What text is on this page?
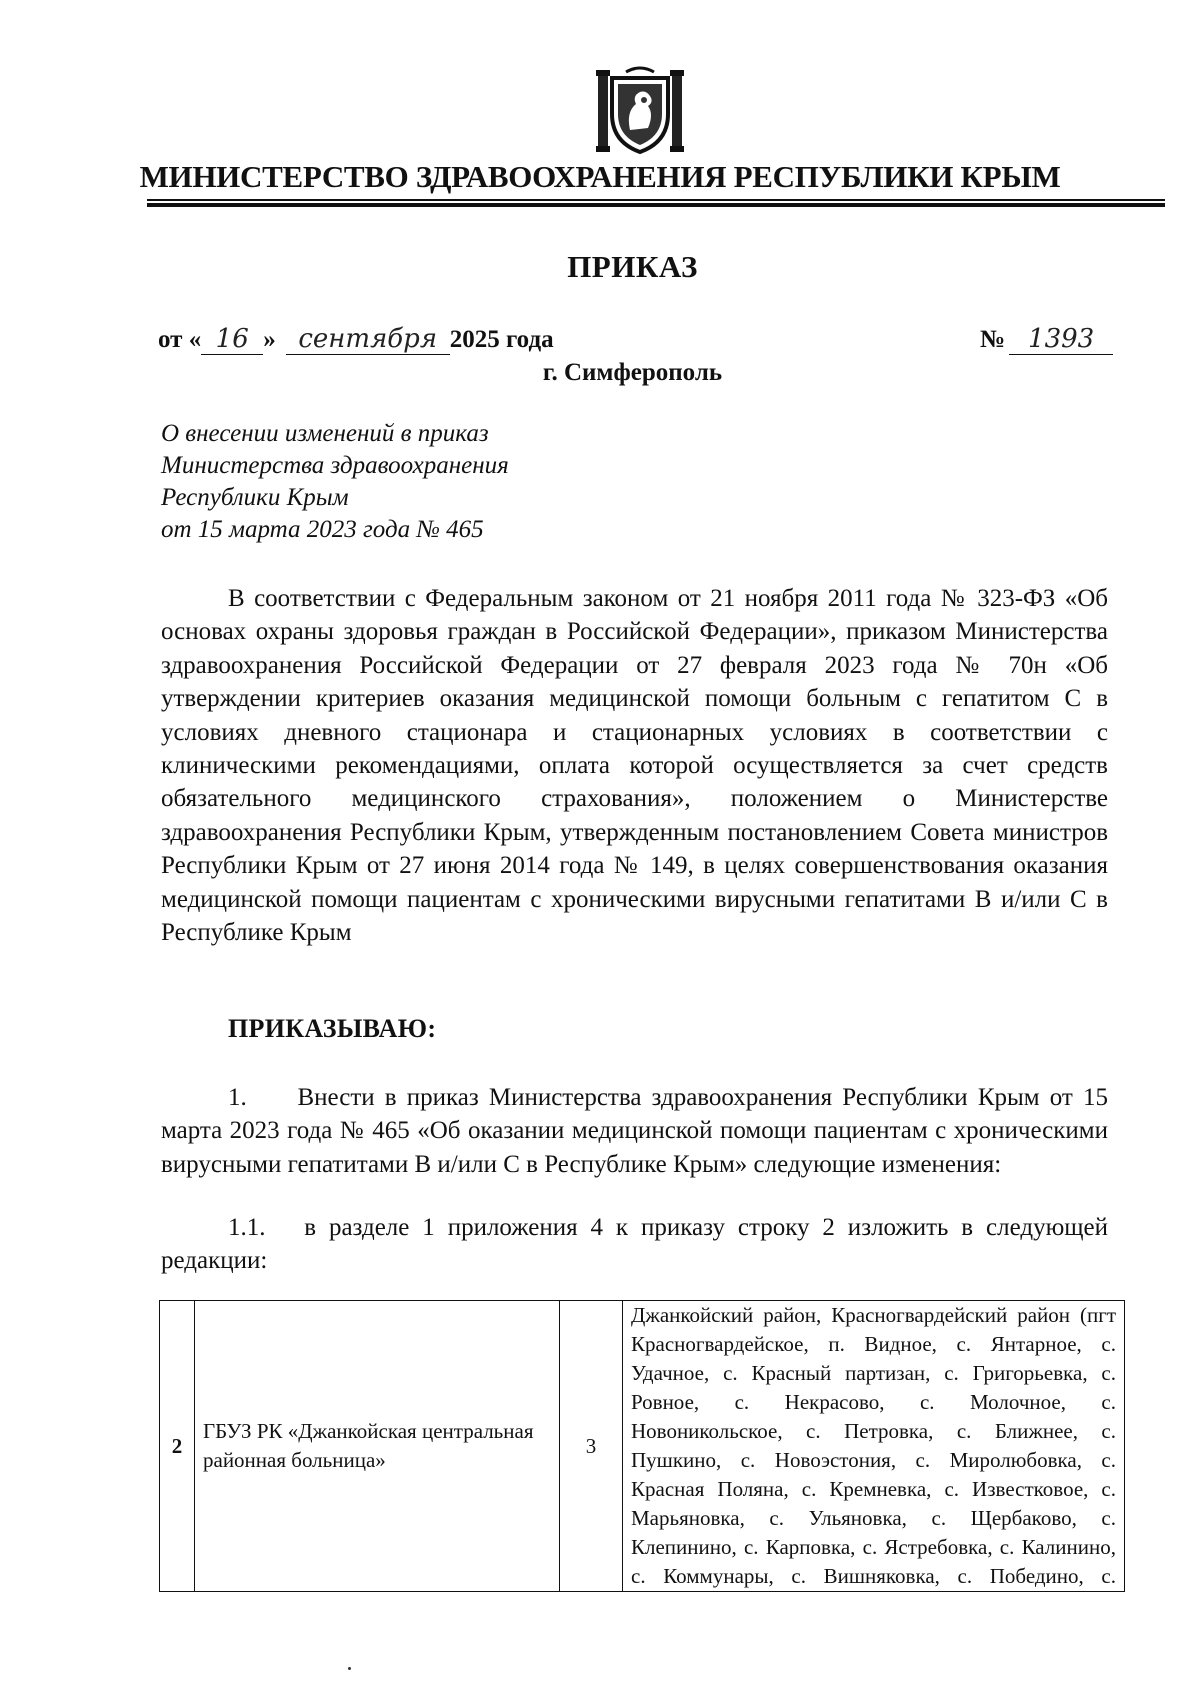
МИНИСТЕРСТВО ЗДРАВООХРАНЕНИЯ РЕСПУБЛИКИ КРЫМ
ПРИКАЗ
от « 16 » сентября 2025 года	№ 1393
г. Симферополь
О внесении изменений в приказ
Министерства здравоохранения
Республики Крым
от 15 марта 2023 года № 465
В соответствии с Федеральным законом от 21 ноября 2011 года № 323-ФЗ «Об основах охраны здоровья граждан в Российской Федерации», приказом Министерства здравоохранения Российской Федерации от 27 февраля 2023 года № 70н «Об утверждении критериев оказания медицинской помощи больным с гепатитом С в условиях дневного стационара и стационарных условиях в соответствии с клиническими рекомендациями, оплата которой осуществляется за счет средств обязательного медицинского страхования», положением о Министерстве здравоохранения Республики Крым, утвержденным постановлением Совета министров Республики Крым от 27 июня 2014 года № 149, в целях совершенствования оказания медицинской помощи пациентам с хроническими вирусными гепатитами В и/или С в Республике Крым
ПРИКАЗЫВАЮ:
1.     Внести в приказ Министерства здравоохранения Республики Крым от 15 марта 2023 года № 465 «Об оказании медицинской помощи пациентам с хроническими вирусными гепатитами В и/или С в Республике Крым» следующие изменения:
1.1.   в разделе 1 приложения 4 к приказу строку 2 изложить в следующей редакции:
2	ГБУЗ РК «Джанкойская центральная районная больница»	3	Джанкойский район, Красногвардейский район (пгт Красногвардейское, п. Видное, с. Янтарное, с. Удачное, с. Красный партизан, с. Григорьевка, с. Ровное, с. Некрасово, с. Молочное, с. Новоникольское, с. Петровка, с. Ближнее, с. Пушкино, с. Новоэстония, с. Миролюбовка, с. Красная Поляна, с. Кремневка, с. Известковое, с. Марьяновка, с. Ульяновка, с. Щербаково, с. Клепинино, с. Карповка, с. Ястребовка, с. Калинино, с. Коммунары, с. Вишняковка, с. Побединo, с.
